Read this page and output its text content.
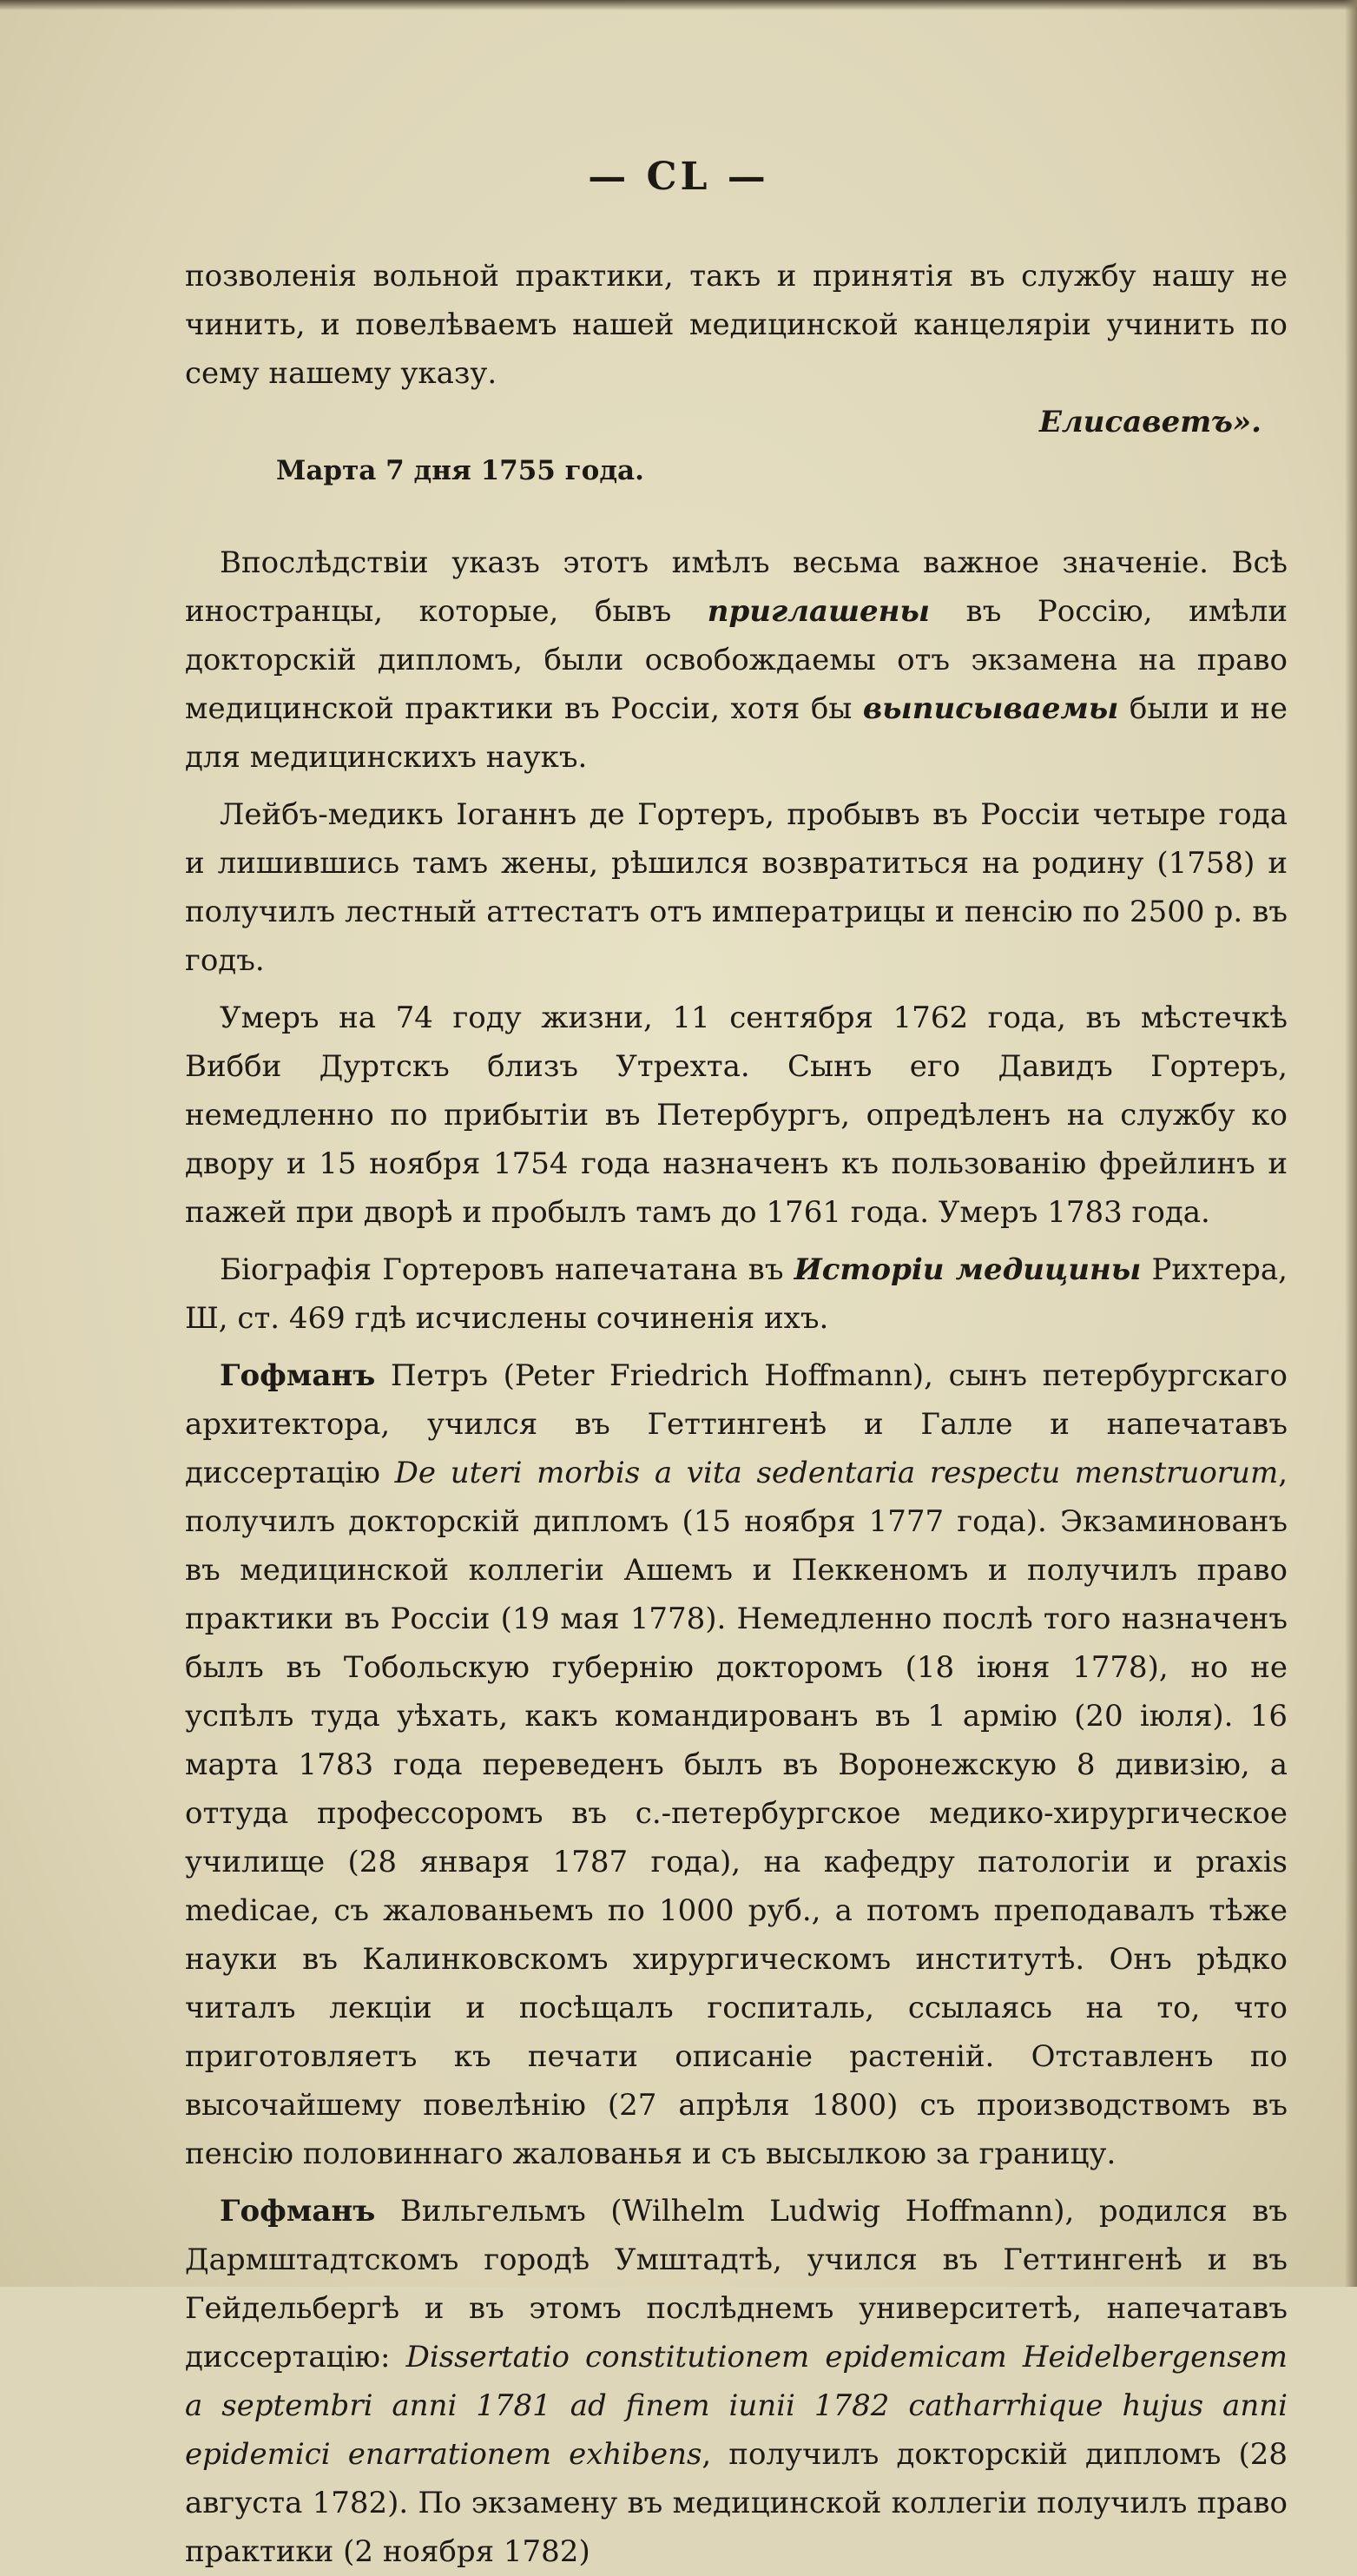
— CL —

позволенія вольной практики, такъ и принятія въ службу нашу не чинить, и повелѣваемъ нашей медицинской канцеляріи учинить по сему нашему указу.

Елисаветъ».

Марта 7 дня 1755 года.

Впослѣдствіи указъ этотъ имѣлъ весьма важное значеніе. Всѣ иностранцы, которые, бывъ приглашены въ Россію, имѣли докторскій дипломъ, были освобождаемы отъ экзамена на право медицинской практики въ Россіи, хотя бы выписываемы были и не для медицинскихъ наукъ.

Лейбъ-медикъ Іоганнъ де Гортеръ, пробывъ въ Россіи четыре года и лишившись тамъ жены, рѣшился возвратиться на родину (1758) и получилъ лестный аттестатъ отъ императрицы и пенсію по 2500 р. въ годъ.

Умеръ на 74 году жизни, 11 сентября 1762 года, въ мѣстечкѣ Вибби Дуртскъ близъ Утрехта. Сынъ его Давидъ Гортеръ, немедленно по прибытіи въ Петербургъ, опредѣленъ на службу ко двору и 15 ноября 1754 года назначенъ къ пользованію фрейлинъ и пажей при дворѣ и пробылъ тамъ до 1761 года. Умеръ 1783 года.

Біографія Гортеровъ напечатана въ Исторіи медицины Рихтера, Ш, ст. 469 гдѣ исчислены сочиненія ихъ.

Гофманъ Петръ (Peter Friedrich Hoffmann), сынъ петербургскаго архитектора, учился въ Геттингенѣ и Галле и напечатавъ диссертацію De uteri morbis a vita sedentaria respectu menstruorum, получилъ докторскій дипломъ (15 ноября 1777 года). Экзаминованъ въ медицинской коллегіи Ашемъ и Пеккеномъ и получилъ право практики въ Россіи (19 мая 1778). Немедленно послѣ того назначенъ былъ въ Тобольскую губернію докторомъ (18 іюня 1778), но не успѣлъ туда уѣхать, какъ командированъ въ 1 армію (20 іюля). 16 марта 1783 года переведенъ былъ въ Воронежскую 8 дивизію, а оттуда профессоромъ въ с.-петербургское медико-хирургическое училище (28 января 1787 года), на кафедру патологіи и praxis medicae, съ жалованьемъ по 1000 руб., а потомъ преподавалъ тѣже науки въ Калинковскомъ хирургическомъ институтѣ. Онъ рѣдко читалъ лекціи и посѣщалъ госпиталь, ссылаясь на то, что приготовляетъ къ печати описаніе растеній. Отставленъ по высочайшему повелѣнію (27 апрѣля 1800) съ производствомъ въ пенсію половиннаго жалованья и съ высылкою за границу.

Гофманъ Вильгельмъ (Wilhelm Ludwig Hoffmann), родился въ Дармштадтскомъ городѣ Умштадтѣ, учился въ Геттингенѣ и въ Гейдельбергѣ и въ этомъ послѣднемъ университетѣ, напечатавъ диссертацію: Dissertatio constitutionem epidemicam Heidelbergensem a septembri anni 1781 ad finem iunii 1782 catharrhique hujus anni epidemici enarrationem exhibens, получилъ докторскій дипломъ (28 августа 1782). По экзамену въ медицинской коллегіи получилъ право практики (2 ноября 1782)
